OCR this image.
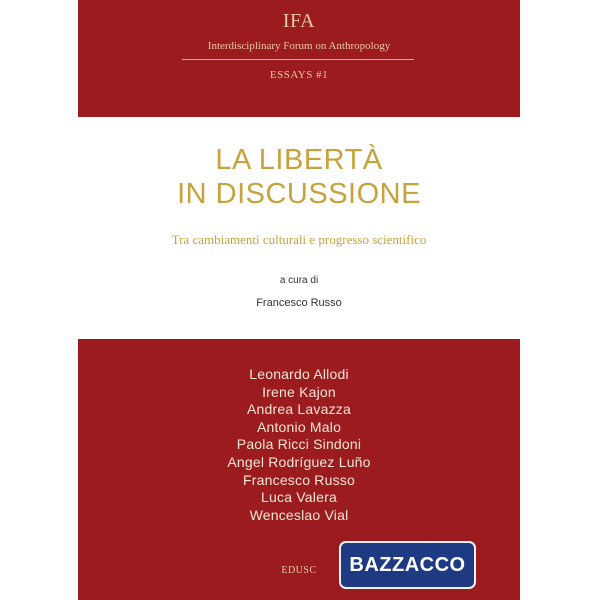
IFA
Interdisciplinary Forum on Anthropology
ESSAYS #1
LA LIBERTÀ
IN DISCUSSIONE
Tra cambiamenti culturali e progresso scientifico
a cura di
Francesco Russo
Leonardo Allodi
Irene Kajon
Andrea Lavazza
Antonio Malo
Paola Ricci Sindoni
Angel Rodríguez Luño
Francesco Russo
Luca Valera
Wenceslao Vial
EDUSC	BAZZACCO
